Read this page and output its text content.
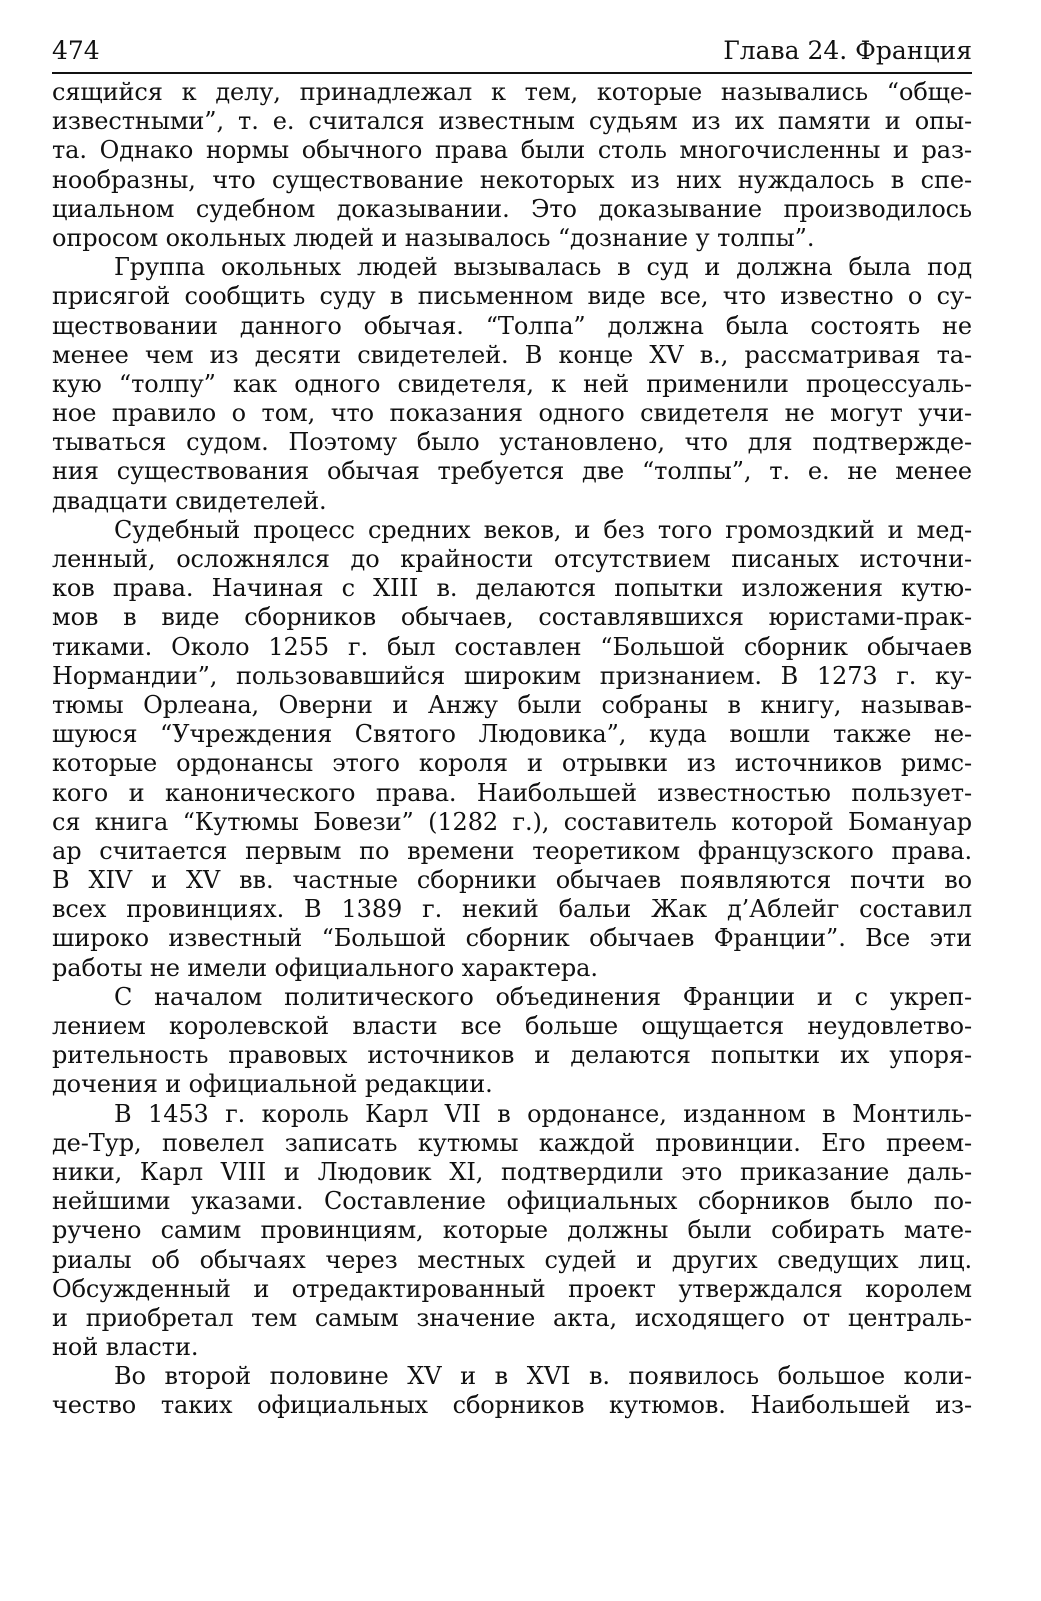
474	Глава 24. Франция
сящийся к делу, принадлежал к тем, которые назывались “обще-
известными”, т. е. считался известным судьям из их памяти и опы-
та. Однако нормы обычного права были столь многочисленны и раз-
нообразны, что существование некоторых из них нуждалось в спе-
циальном судебном доказывании. Это доказывание производилось
опросом окольных людей и называлось “дознание у толпы”.
Группа окольных людей вызывалась в суд и должна была под
присягой сообщить суду в письменном виде все, что известно о су-
ществовании данного обычая. “Толпа” должна была состоять не
менее чем из десяти свидетелей. В конце XV в., рассматривая та-
кую “толпу” как одного свидетеля, к ней применили процессуаль-
ное правило о том, что показания одного свидетеля не могут учи-
тываться судом. Поэтому было установлено, что для подтвержде-
ния существования обычая требуется две “толпы”, т. е. не менее
двадцати свидетелей.
Судебный процесс средних веков, и без того громоздкий и мед-
ленный, осложнялся до крайности отсутствием писаных источни-
ков права. Начиная с XIII в. делаются попытки изложения кутю-
мов в виде сборников обычаев, составлявшихся юристами-прак-
тиками. Около 1255 г. был составлен “Большой сборник обычаев
Нормандии”, пользовавшийся широким признанием. В 1273 г. ку-
тюмы Орлеана, Оверни и Анжу были собраны в книгу, называв-
шуюся “Учреждения Святого Людовика”, куда вошли также не-
которые ордонансы этого короля и отрывки из источников римс-
кого и канонического права. Наибольшей известностью пользует-
ся книга “Кутюмы Бовези” (1282 г.), составитель которой Бомануар
ар считается первым по времени теоретиком французского права.
В XIV и XV вв. частные сборники обычаев появляются почти во
всех провинциях. В 1389 г. некий бальи Жак д’Аблейг составил
широко известный “Большой сборник обычаев Франции”. Все эти
работы не имели официального характера.
С началом политического объединения Франции и с укреп-
лением королевской власти все больше ощущается неудовлетво-
рительность правовых источников и делаются попытки их упоря-
дочения и официальной редакции.
В 1453 г. король Карл VII в ордонансе, изданном в Монтиль-
де-Тур, повелел записать кутюмы каждой провинции. Его преем-
ники, Карл VIII и Людовик XI, подтвердили это приказание даль-
нейшими указами. Составление официальных сборников было по-
ручено самим провинциям, которые должны были собирать мате-
риалы об обычаях через местных судей и других сведущих лиц.
Обсужденный и отредактированный проект утверждался королем
и приобретал тем самым значение акта, исходящего от централь-
ной власти.
Во второй половине XV и в XVI в. появилось большое коли-
чество таких официальных сборников кутюмов. Наибольшей из-
